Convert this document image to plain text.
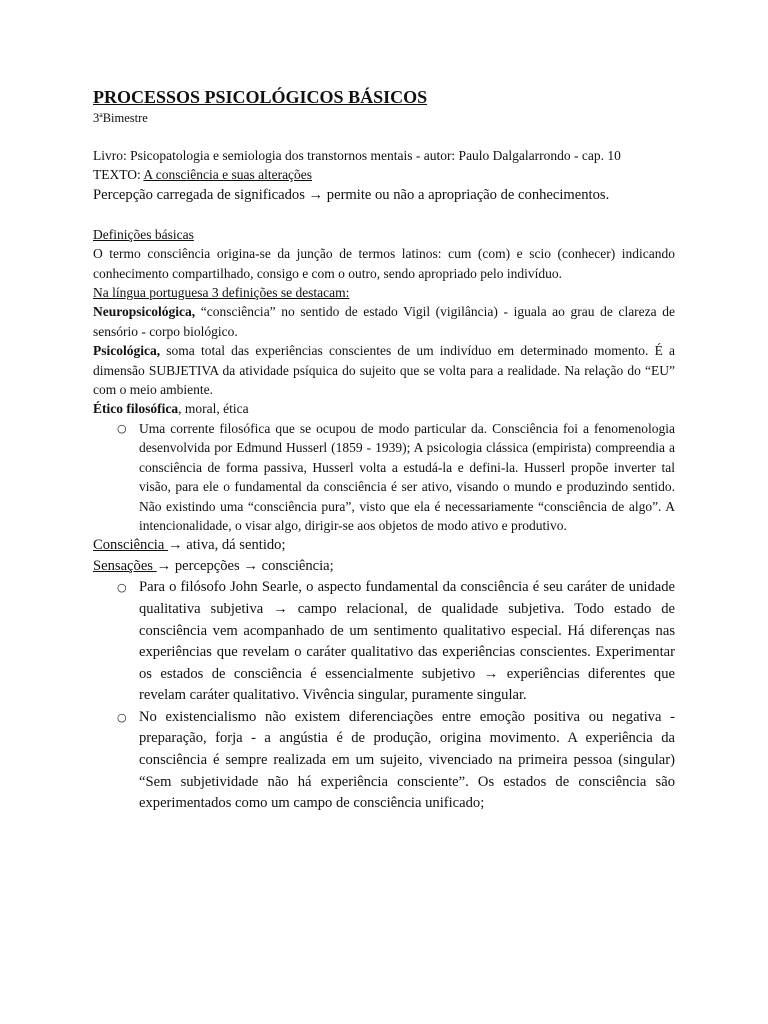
PROCESSOS PSICOLÓGICOS BÁSICOS

3ªBimestre

Livro: Psicopatologia e semiologia dos transtornos mentais - autor: Paulo Dalgalarrondo - cap. 10

TEXTO: A consciência e suas alterações

Percepção carregada de significados → permite ou não a apropriação de conhecimentos.

Definições básicas

O termo consciência origina-se da junção de termos latinos: cum (com) e scio (conhecer) indicando conhecimento compartilhado, consigo e com o outro, sendo apropriado pelo indivíduo.

Na língua portuguesa 3 definições se destacam:

Neuropsicológica, “consciência” no sentido de estado Vigil (vigilância) - iguala ao grau de clareza de sensório - corpo biológico.

Psicológica, soma total das experiências conscientes de um indivíduo em determinado momento. É a dimensão SUBJETIVA da atividade psíquica do sujeito que se volta para a realidade. Na relação do “EU” com o meio ambiente.

Ético filosófica, moral, ética

○ Uma corrente filosófica que se ocupou de modo particular da. Consciência foi a fenomenologia desenvolvida por Edmund Husserl (1859 - 1939); A psicologia clássica (empirista) compreendia a consciência de forma passiva, Husserl volta a estudá-la e defini-la. Husserl propõe inverter tal visão, para ele o fundamental da consciência é ser ativo, visando o mundo e produzindo sentido. Não existindo uma “consciência pura”, visto que ela é necessariamente “consciência de algo”. A intencionalidade, o visar algo, dirigir-se aos objetos de modo ativo e produtivo.

Consciência → ativa, dá sentido;

Sensações → percepções → consciência;

○ Para o filósofo John Searle, o aspecto fundamental da consciência é seu caráter de unidade qualitativa subjetiva → campo relacional, de qualidade subjetiva. Todo estado de consciência vem acompanhado de um sentimento qualitativo especial. Há diferenças nas experiências que revelam o caráter qualitativo das experiências conscientes. Experimentar os estados de consciência é essencialmente subjetivo → experiências diferentes que revelam caráter qualitativo. Vivência singular, puramente singular.
○ No existencialismo não existem diferenciações entre emoção positiva ou negativa - preparação, forja - a angústia é de produção, origina movimento. A experiência da consciência é sempre realizada em um sujeito, vivenciado na primeira pessoa (singular) “Sem subjetividade não há experiência consciente”. Os estados de consciência são experimentados como um campo de consciência unificado;
